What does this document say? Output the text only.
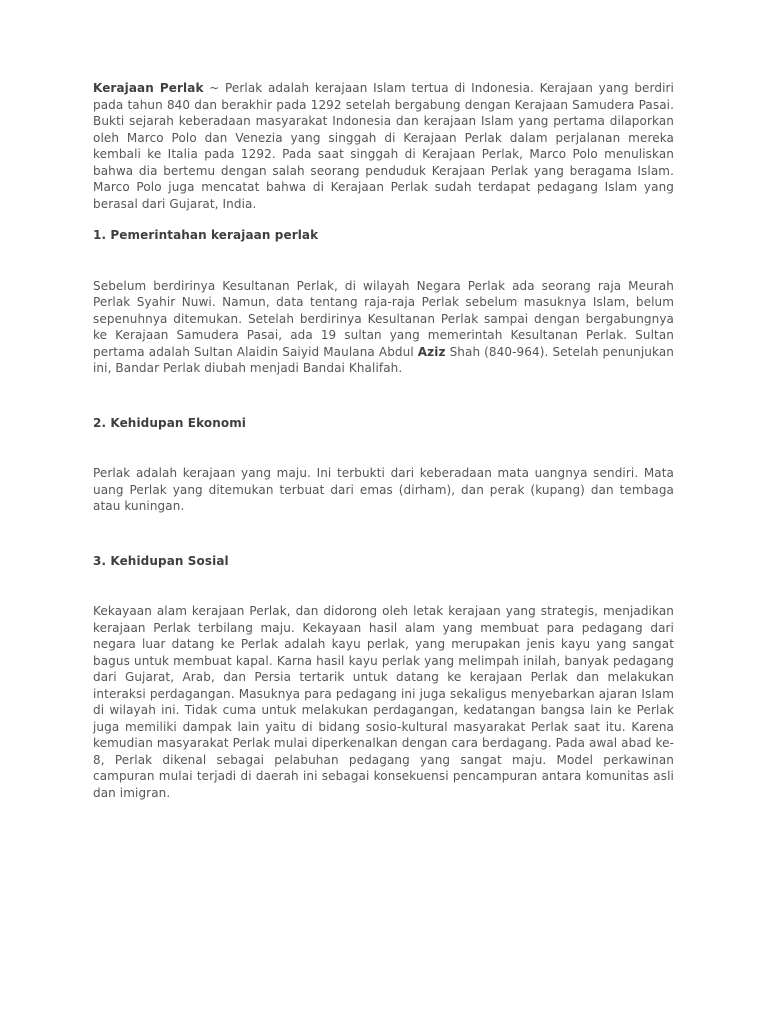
Kerajaan Perlak ~ Perlak adalah kerajaan Islam tertua di Indonesia. Kerajaan yang berdiri pada tahun 840 dan berakhir pada 1292 setelah bergabung dengan Kerajaan Samudera Pasai. Bukti sejarah keberadaan masyarakat Indonesia dan kerajaan Islam yang pertama dilaporkan oleh Marco Polo dan Venezia yang singgah di Kerajaan Perlak dalam perjalanan mereka kembali ke Italia pada 1292. Pada saat singgah di Kerajaan Perlak, Marco Polo menuliskan bahwa dia bertemu dengan salah seorang penduduk Kerajaan Perlak yang beragama Islam. Marco Polo juga mencatat bahwa di Kerajaan Perlak sudah terdapat pedagang Islam yang berasal dari Gujarat, India.

1. Pemerintahan kerajaan perlak

Sebelum berdirinya Kesultanan Perlak, di wilayah Negara Perlak ada seorang raja Meurah Perlak Syahir Nuwi. Namun, data tentang raja-raja Perlak sebelum masuknya Islam, belum sepenuhnya ditemukan. Setelah berdirinya Kesultanan Perlak sampai dengan bergabungnya ke Kerajaan Samudera Pasai, ada 19 sultan yang memerintah Kesultanan Perlak. Sultan pertama adalah Sultan Alaidin Saiyid Maulana Abdul Aziz Shah (840-964). Setelah penunjukan ini, Bandar Perlak diubah menjadi Bandai Khalifah.

2. Kehidupan Ekonomi

Perlak adalah kerajaan yang maju. Ini terbukti dari keberadaan mata uangnya sendiri. Mata uang Perlak yang ditemukan terbuat dari emas (dirham), dan perak (kupang) dan tembaga atau kuningan.

3. Kehidupan Sosial

Kekayaan alam kerajaan Perlak, dan didorong oleh letak kerajaan yang strategis, menjadikan kerajaan Perlak terbilang maju. Kekayaan hasil alam yang membuat para pedagang dari negara luar datang ke Perlak adalah kayu perlak, yang merupakan jenis kayu yang sangat bagus untuk membuat kapal. Karna hasil kayu perlak yang melimpah inilah, banyak pedagang dari Gujarat, Arab, dan Persia tertarik untuk datang ke kerajaan Perlak dan melakukan interaksi perdagangan. Masuknya para pedagang ini juga sekaligus menyebarkan ajaran Islam di wilayah ini. Tidak cuma untuk melakukan perdagangan, kedatangan bangsa lain ke Perlak juga memiliki dampak lain yaitu di bidang sosio-kultural masyarakat Perlak saat itu. Karena kemudian masyarakat Perlak mulai diperkenalkan dengan cara berdagang. Pada awal abad ke-8, Perlak dikenal sebagai pelabuhan pedagang yang sangat maju. Model perkawinan campuran mulai terjadi di daerah ini sebagai konsekuensi pencampuran antara komunitas asli dan imigran.
